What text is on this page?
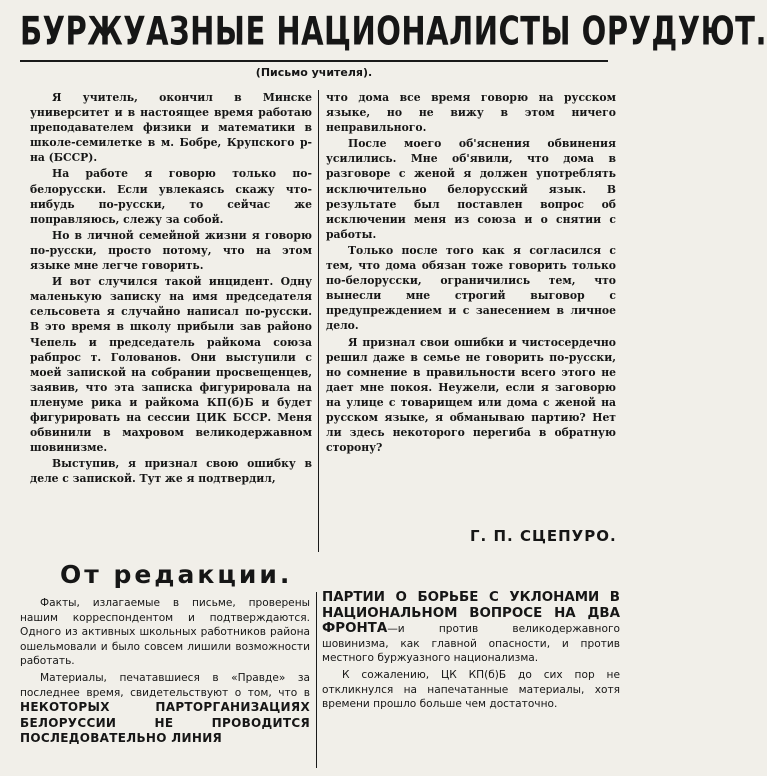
БУРЖУАЗНЫЕ НАЦИОНАЛИСТЫ ОРУДУЮТ.
(Письмо учителя).

Я учитель, окончил в Минске университет и в настоящее время работаю преподавателем физики и математики в школе-семилетке в м. Бобре, Крупского р-на (БССР).

На работе я говорю только по-белорусски. Если увлекаясь скажу что-нибудь по-русски, то сейчас же поправляюсь, слежу за собой.

Но в личной семейной жизни я говорю по-русски, просто потому, что на этом языке мне легче говорить.

И вот случился такой инцидент. Одну маленькую записку на имя председателя сельсовета я случайно написал по-русски. В это время в школу прибыли зав районо Чепель и председатель райкома союза рабпрос т. Голованов. Они выступили с моей запиской на собрании просвещенцев, заявив, что эта записка фигурировала на пленуме рика и райкома КП(б)Б и будет фигурировать на сессии ЦИК БССР. Меня обвинили в махровом великодержавном шовинизме.

Выступив, я признал свою ошибку в деле с запиской. Тут же я подтвердил,

что дома все время говорю на русском языке, но не вижу в этом ничего неправильного.

После моего об'яснения обвинения усилились. Мне об'явили, что дома в разговоре с женой я должен употреблять исключительно белорусский язык. В результате был поставлен вопрос об исключении меня из союза и о снятии с работы.

Только после того как я согласился с тем, что дома обязан тоже говорить только по-белорусски, ограничились тем, что вынесли мне строгий выговор с предупреждением и с занесением в личное дело.

Я признал свои ошибки и чистосердечно решил даже в семье не говорить по-русски, но сомнение в правильности всего этого не дает мне покоя. Неужели, если я заговорю на улице с товарищем или дома с женой на русском языке, я обманываю партию? Нет ли здесь некоторого перегиба в обратную сторону?

Г. П. СЦЕПУРО.
От редакции.

Факты, излагаемые в письме, проверены нашим корреспондентом и подтверждаются. Одного из активных школьных работников района ошельмовали и было совсем лишили возможности работать.

Материалы, печатавшиеся в «Правде» за последнее время, свидетельствуют о том, что в НЕКОТОРЫХ ПАРТОРГАНИЗАЦИЯХ БЕЛОРУССИИ НЕ ПРОВОДИТСЯ ПОСЛЕДОВАТЕЛЬНО ЛИНИЯ

ПАРТИИ О БОРЬБЕ С УКЛОНАМИ В НАЦИОНАЛЬНОМ ВОПРОСЕ НА ДВА ФРОНТА—и против великодержавного шовинизма, как главной опасности, и против местного буржуазного национализма.

К сожалению, ЦК КП(б)Б до сих пор не откликнулся на напечатанные материалы, хотя времени прошло больше чем достаточно.
